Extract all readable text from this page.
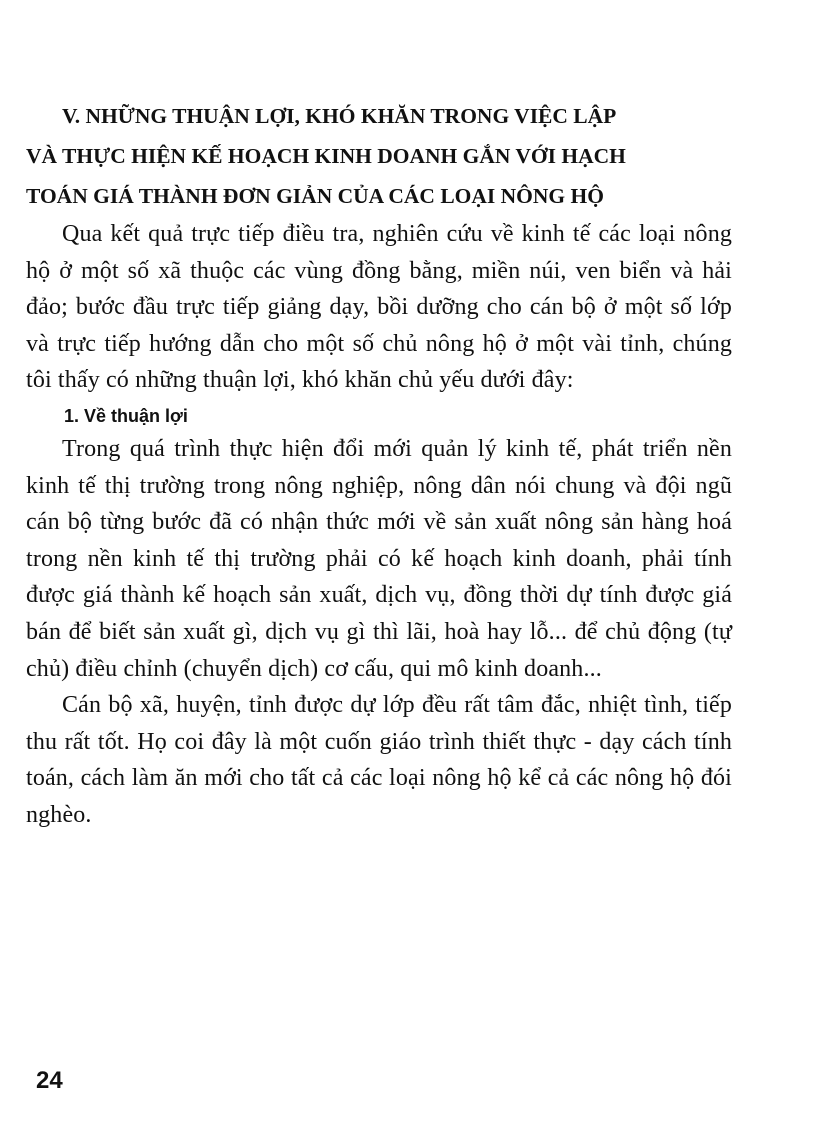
V. NHỮNG THUẬN LỢI, KHÓ KHĂN TRONG VIỆC LẬP
VÀ THỰC HIỆN KẾ HOẠCH KINH DOANH GẮN VỚI HẠCH
TOÁN GIÁ THÀNH ĐƠN GIẢN CỦA CÁC LOẠI NÔNG HỘ

Qua kết quả trực tiếp điều tra, nghiên cứu về kinh tế các loại nông hộ ở một số xã thuộc các vùng đồng bằng, miền núi, ven biển và hải đảo; bước đầu trực tiếp giảng dạy, bồi dưỡng cho cán bộ ở một số lớp và trực tiếp hướng dẫn cho một số chủ nông hộ ở một vài tỉnh, chúng tôi thấy có những thuận lợi, khó khăn chủ yếu dưới đây:

1. Về thuận lợi

Trong quá trình thực hiện đổi mới quản lý kinh tế, phát triển nền kinh tế thị trường trong nông nghiệp, nông dân nói chung và đội ngũ cán bộ từng bước đã có nhận thức mới về sản xuất nông sản hàng hoá trong nền kinh tế thị trường phải có kế hoạch kinh doanh, phải tính được giá thành kế hoạch sản xuất, dịch vụ, đồng thời dự tính được giá bán để biết sản xuất gì, dịch vụ gì thì lãi, hoà hay lỗ... để chủ động (tự chủ) điều chỉnh (chuyển dịch) cơ cấu, qui mô kinh doanh...

Cán bộ xã, huyện, tỉnh được dự lớp đều rất tâm đắc, nhiệt tình, tiếp thu rất tốt. Họ coi đây là một cuốn giáo trình thiết thực - dạy cách tính toán, cách làm ăn mới cho tất cả các loại nông hộ kể cả các nông hộ đói nghèo.

24
